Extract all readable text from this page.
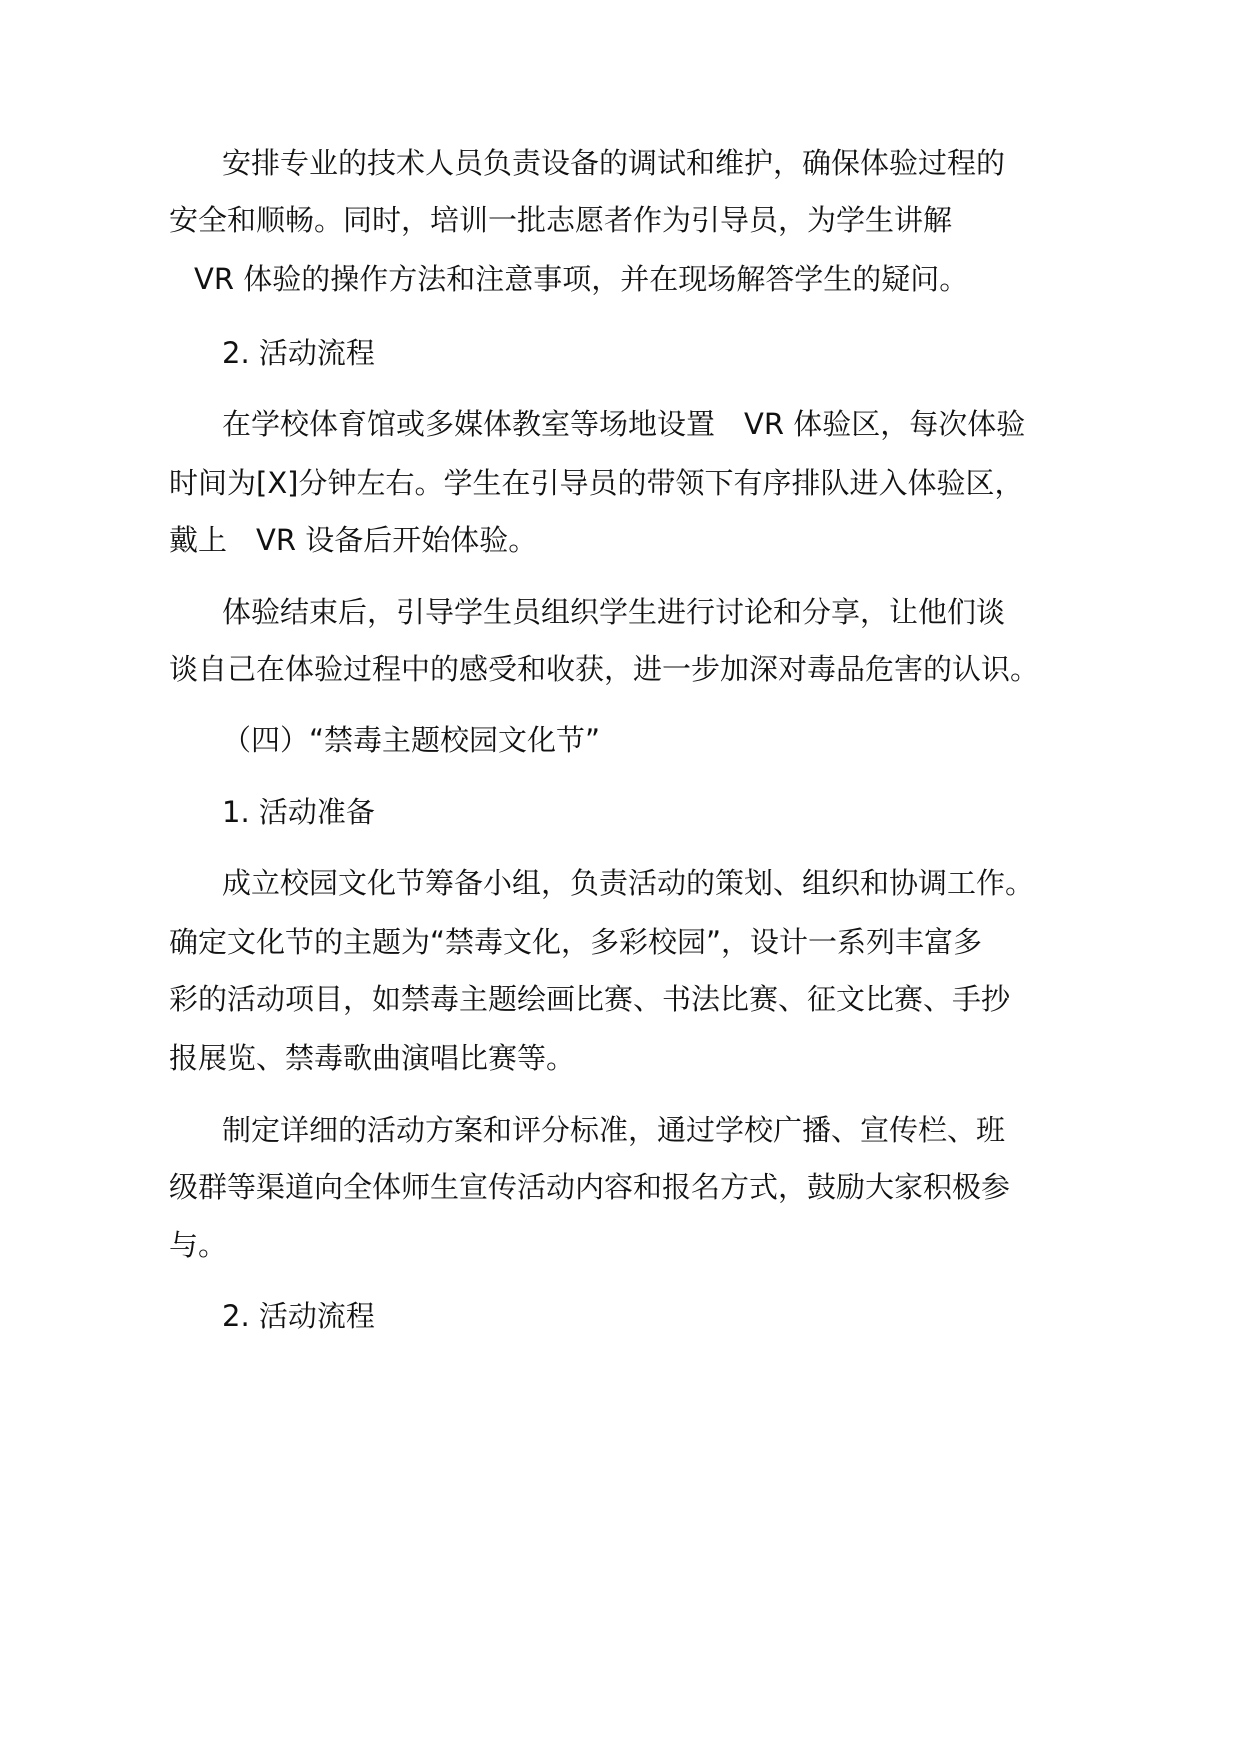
安排专业的技术人员负责设备的调试和维护，确保体验过程的
安全和顺畅。同时，培训一批志愿者作为引导员，为学生讲解
VR 体验的操作方法和注意事项，并在现场解答学生的疑问。
2. 活动流程
在学校体育馆或多媒体教室等场地设置　VR 体验区，每次体验
时间为[X]分钟左右。学生在引导员的带领下有序排队进入体验区，
戴上　VR 设备后开始体验。
体验结束后，引导学生员组织学生进行讨论和分享，让他们谈
谈自己在体验过程中的感受和收获，进一步加深对毒品危害的认识。
（四）“禁毒主题校园文化节”
1. 活动准备
成立校园文化节筹备小组，负责活动的策划、组织和协调工作。
确定文化节的主题为“禁毒文化，多彩校园”，设计一系列丰富多
彩的活动项目，如禁毒主题绘画比赛、书法比赛、征文比赛、手抄
报展览、禁毒歌曲演唱比赛等。
制定详细的活动方案和评分标准，通过学校广播、宣传栏、班
级群等渠道向全体师生宣传活动内容和报名方式，鼓励大家积极参
与。
2. 活动流程
